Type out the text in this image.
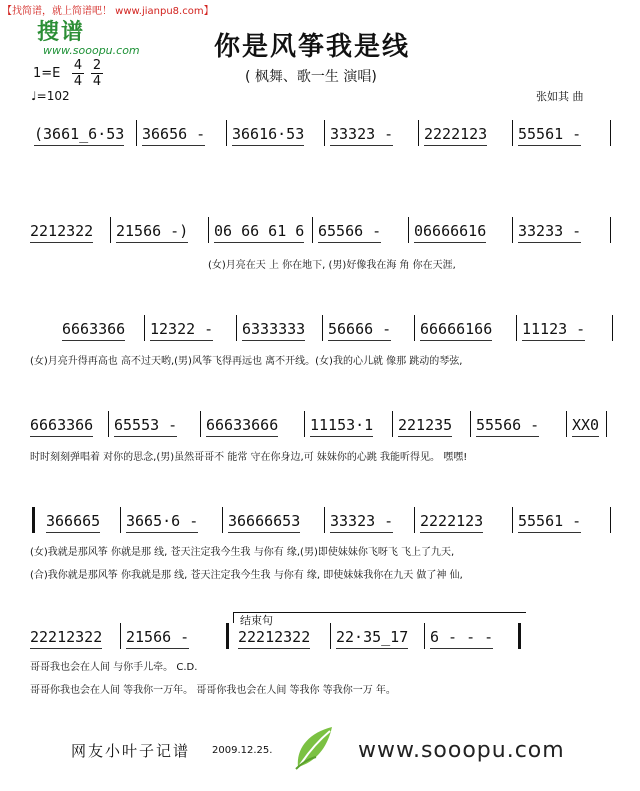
【找简谱，就上简谱吧！ www.jianpu8.com】
搜谱
www.sooopu.com	你是风筝我是线
( 枫舞、歌一生 演唱)
1=E
4
4
2
4
♩=102	张如其 曲
(3661̲6·53 36656 - 36616·53 33323 - 2222123 55561 -
2212322 21566 -) 06 66 61 6 65566 - 06666616 33233 -
(女)月亮在天 上 你在地下, (男)好像我在海 角 你在天涯,
6663366 12322 - 6333333 56666 - 66666166 11123 -
(女)月亮升得再高也 高不过天哟,(男)风筝飞得再远也 离不开线。(女)我的心儿就 像那 跳动的琴弦,
6663366 65553 - 66633666 11153·1 221235 55566 - XX0
时时刻刻弹唱着 对你的思念,(男)虽然哥哥不 能常 守在你身边,可 妹妹你的心跳 我能听得见。 嘿嘿!
366665 3665·6 - 36666653 33323 - 2222123 55561 -
(女)我就是那风筝 你就是那 线, 苍天注定我今生我 与你有 缘,(男)即使妹妹你飞呀飞 飞上了九天,
(合)我你就是那风筝 你我就是那 线, 苍天注定我今生我 与你有 缘, 即使妹妹我你在九天 做了神 仙,
结束句
22212322 21566 -	22212322 22·35̲17 6 - - -
哥哥我也会在人间 与你手儿牵。 C.D.
哥哥你我也会在人间 等我你一万年。 哥哥你我也会在人间 等我你 等我你一万 年。
网友小叶子记谱 2009.12.25.	www.sooopu.com
